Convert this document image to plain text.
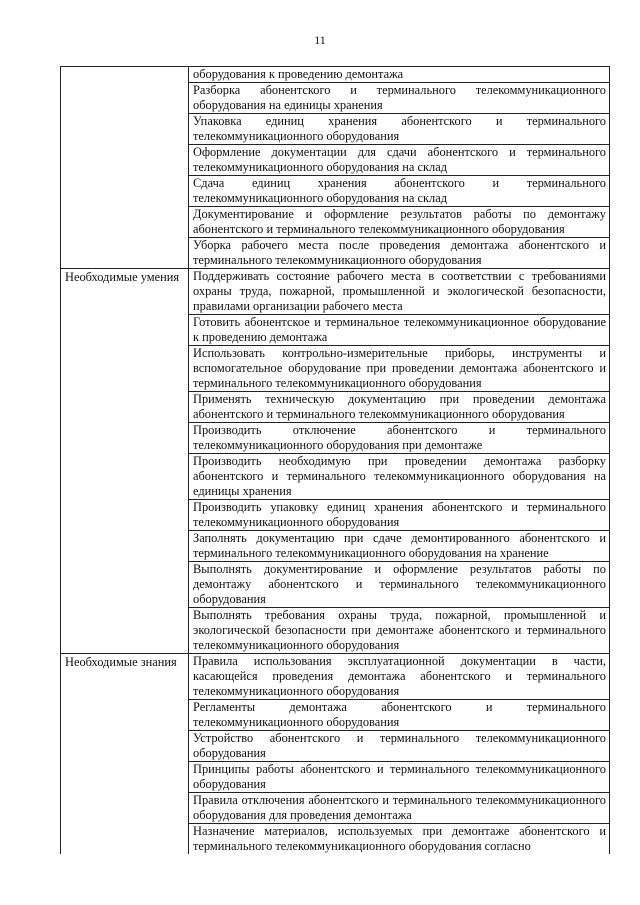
11
оборудования к проведению демонтажа
Разборка абонентского и терминального телекоммуникационного оборудования на единицы хранения
Упаковка единиц хранения абонентского и терминального телекоммуникационного оборудования
Оформление документации для сдачи абонентского и терминального телекоммуникационного оборудования на склад
Сдача единиц хранения абонентского и терминального телекоммуникационного оборудования на склад
Документирование и оформление результатов работы по демонтажу абонентского и терминального телекоммуникационного оборудования
Уборка рабочего места после проведения демонтажа абонентского и терминального телекоммуникационного оборудования
Необходимые умения	Поддерживать состояние рабочего места в соответствии с требованиями охраны труда, пожарной, промышленной и экологической безопасности, правилами организации рабочего места
Готовить абонентское и терминальное телекоммуникационное оборудование к проведению демонтажа
Использовать контрольно-измерительные приборы, инструменты и вспомогательное оборудование при проведении демонтажа абонентского и терминального телекоммуникационного оборудования
Применять техническую документацию при проведении демонтажа абонентского и терминального телекоммуникационного оборудования
Производить отключение абонентского и терминального телекоммуникационного оборудования при демонтаже
Производить необходимую при проведении демонтажа разборку абонентского и терминального телекоммуникационного оборудования на единицы хранения
Производить упаковку единиц хранения абонентского и терминального телекоммуникационного оборудования
Заполнять документацию при сдаче демонтированного абонентского и терминального телекоммуникационного оборудования на хранение
Выполнять документирование и оформление результатов работы по демонтажу абонентского и терминального телекоммуникационного оборудования
Выполнять требования охраны труда, пожарной, промышленной и экологической безопасности при демонтаже абонентского и терминального телекоммуникационного оборудования
Необходимые знания	Правила использования эксплуатационной документации в части, касающейся проведения демонтажа абонентского и терминального телекоммуникационного оборудования
Регламенты демонтажа абонентского и терминального телекоммуникационного оборудования
Устройство абонентского и терминального телекоммуникационного оборудования
Принципы работы абонентского и терминального телекоммуникационного оборудования
Правила отключения абонентского и терминального телекоммуникационного оборудования для проведения демонтажа
Назначение материалов, используемых при демонтаже абонентского и терминального телекоммуникационного оборудования согласно
